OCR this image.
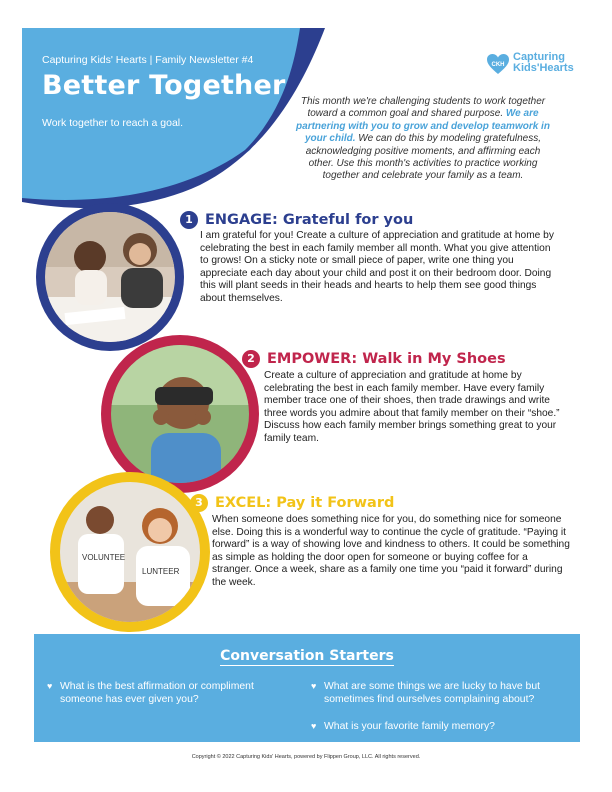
Capturing Kids' Hearts | Family Newsletter #4
Better Together
Work together to reach a goal.
CKH
Capturing
Kids'Hearts
This month we're challenging students to work together toward a common goal and shared purpose. We are partnering with you to grow and develop teamwork in your child. We can do this by modeling gratefulness, acknowledging positive moments, and affirming each other. Use this month's activities to practice working together and celebrate your family as a team.
1 ENGAGE: Grateful for you
I am grateful for you! Create a culture of appreciation and gratitude at home by celebrating the best in each family member all month. What you give attention to grows! On a sticky note or small piece of paper, write one thing you appreciate each day about your child and post it on their bedroom door. Doing this will plant seeds in their heads and hearts to help them see good things about themselves.
2 EMPOWER: Walk in My Shoes
Create a culture of appreciation and gratitude at home by celebrating the best in each family member. Have every family member trace one of their shoes, then trade drawings and write three words you admire about that family member on their “shoe.” Discuss how each family member brings something great to your family team.
VOLUNTEE
LUNTEER
3 EXCEL: Pay it Forward
When someone does something nice for you, do something nice for someone else. Doing this is a wonderful way to continue the cycle of gratitude. “Paying it forward” is a way of showing love and kindness to others. It could be something as simple as holding the door open for someone or buying coffee for a stranger. Once a week, share as a family one time you “paid it forward” during the week.
Conversation Starters
♥ What is the best affirmation or compliment someone has ever given you?
♥ What are some things we are lucky to have but sometimes find ourselves complaining about?
♥ What is your favorite family memory?
Copyright © 2022 Capturing Kids' Hearts, powered by Flippen Group, LLC. All rights reserved.
